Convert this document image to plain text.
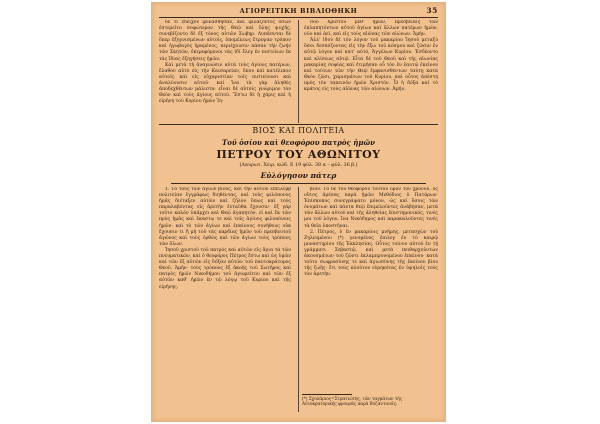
ΑΓΙΟΡΕΙΤΙΚΗ ΒΙΒΛΙΟΘΗΚΗ	35

δὲ τί ἐδείχνε φυλάσθησαν, καὶ φιλάζοντες ὅσων ἐστερεῖτο σοφώτερον τῆς Θεῷ καὶ ὅλης ψυχῆς, συνεβίζοντο δὲ ἐξ τόνος αὐτῶν Σωβηρ. Λυπᾶσνται δὲ ὅπερ ἐξηγνισμένων αὐτοῖς, ὁπομέλεως ἔτρεψαν τρόπον καὶ ἡγωβαγὸς ἡραμένος, περιέχουσιν πάσαν τὴν ζωήν τῶν Σκητῶν, ἐκτρεφόμενοι τὰς ἰδῖ ἔλεγ ἐν πιστεύων ἐκ τὰς ἴδιας ἐξηγήσεις ἡμῶν.

Καὶ μετὰ τὴ ἀναγνώσιν αὐτὰ τοὺς ἀγίους πατέρων, ἔλαθον αὐτὸ εἰς τὴν Καισαρείαν, ὅπου καὶ κατέλιπον αὐτοῖς καὶ εἰς εὐχαριστίαν τοῖς πιστεύουσι καὶ ἀναλύουσιν αὐτοῦ· καὶ ἴνα τὰ γὰρ ἀληθὲς ἀποδεχθέντων μάλιστα· εἶναι δὲ αὐτοῖς γνώριμον τὸν Θεὸν καὶ τοὺς ἁγίους αὐτοῦ. Ἔστω δὲ ἡ χάρις καὶ ἡ εἰρήνη τοῦ Κυρίου ἡμῶν Ἰη-

σοῦ Χριστοῦ μεθ' ἡμῶν, πρεσβείαις τῶν ἐπλαπητόντων αὐτοῦ ἁγίων καὶ ἄλλων πατέρων ἡμῶν, νῦν καὶ ἀεὶ, καὶ εἰς τοὺς αἰῶνας τῶν αἰώνων. Ἀμήν.

Ἀλλ' ἰδοὺ δὲ τὸν λόγον τοῦ μακαρίου Ἰησοῦ μεταξὺ ὅσοι δεσπόζοντας εἰς τὴν ἔξω τοῦ κόσμου καὶ ζῶσιν ἐν αὐτῷ λόγον καὶ κατ' αὐτό, Ἀγγέλων Κυρίου. Ἐσδέοντο καὶ κλίσεως αὐτῷ. Εἶτα δὲ τοῦ Θεοῦ καὶ τῆς αἰωνίας μακαρίας σοφίας καὶ ἐτιμήσαν οὗ τὸν ἐν ἑαυτῷ ἐκεῖνον καὶ τούτων τῶν τὴν Θεῷ ἐμφανισθέντων ταύτῃ κατὰ Θεὸν ζῶσι, χαρισμάτων τοῦ Κυρίου, καὶ οὗτος ἀπέστη πρὸς τὸν ταπεινὸν ἡμῶν Χριστόν. Ὧ ἡ δόξα καὶ τὸ κράτος εἰς τοὺς αἰῶνας τῶν αἰώνων. Ἀμήν.

ΒΙΟΣ ΚΑΙ ΠΟΛΙΤΕΙΑ
Τοῦ ὁσίου καὶ θεοφόρου πατρὸς ἡμῶν
ΠΕΤΡΟΥ ΤΟΥ ΑΘΩΝΙΤΟΥ
(Λαυρωτ. Χειρ. κώδ. Ε 19 φύλ. 38 α – φύλ. 36 β.)
Εὐλόγησον πάτερ

1. Τὸ τοῦς τῶν ἀγίων βίους, καὶ τὴν αὐτῶν ἐπειλεμβ πολιτείαν ἐγγράφως διηθέντας, καὶ τοὺς φιλόπονος ἡμᾶς διέταξεν αὐτῶν καὶ ζῆλον ὅπως καὶ τοὺς παραλαβόντας εἰς ἀρετὴν ἐνταῦθα ἔχουσιν· ἐξ γὰρ τοῦτο καλὸν ὑπάρχει καὶ Θεῷ ἀγαπητόν, εἰ καὶ ἔκ τῶν πρὸς ἡμᾶς καὶ ἑκαστῳ τε καὶ τοῖς ἀγίους φιλοπόνοις ἡμῶν· καὶ τὸ τῶν ἀγίων καὶ ἐπαίνους συνήθους οὐκ ἔχουσιν τι ἢ μὴ τοῦ τὰς καρδίας ἡμῶν τοῦ πρεσβευτοῦ ἀγῶνος καὶ τοὺς ὀρθῶς καὶ τῶν ἁγίων τοὺς τρόπους τῶν ὅλων.

Ἰησοῦ χριστοῦ τοῦ πατρὸς καὶ αὐτῶν εἰς ἅγια τὰ τῶν πνευματικῶν, καὶ ὁ θεοφόρος Πέτρος ἔστω καὶ ὡς ὑμῶν καὶ τῶν ἐξ αὐτῶν εἰς δόξαν αὐτῶν τοῦ παντοκράτορος Θεοῦ. Ἀμήν· τοὺς τρόπους ἐξ ἀκοῆς τοῦ Σωτῆρος καὶ πατρὸς ἡμῶν Νικοδήμου τοῦ ἁγιορείτου καὶ τῶν ἐξ αὐτῶν καθ' ἡμῶν ἐν τῷ λόγῳ τοῦ Κυρίου καὶ τῆς εἰρήνης.

βίον. Τὸ δὲ τοῦ θεοφόρου τοῦτον ὅρον τὸν χρόνον, ὅς οὕτος ἀρέσας παρὰ ἡμῶν Μεθόδιος ὁ Πατάρων· Ἐπίσκοπος συνεγράψατο μόνον, ὡς καὶ ὅσοις τῶν ὀνομάτων καὶ πάντα θεῷ ἐπιμελοῦντες ἀνάβησαν, μετὰ τῶν ἄλλων αὐτοῦ καὶ τῆς ἀληθείας ἐπιστημονικὸς, τινὲς μοι τοῦ λόγου, ἵνα Νικόδημος καὶ παρακαλοῦντες τινὲς τὰ θεῖα ὑποστῆναι.

2. Πέτρος, ὁ ἐν μακαρίοις μνήμης, μετασχὼν τοῦ Ζηλευμένου (*) γενομένος ἐπιλεγ ἐν τὸ καιρῷ μοναστηρίου τῆς Ἐκκλησίας. Οὗτος τοίνυν αὐτοῦ ἐν τῇ γράμματι Σεβαστῷ, καὶ μετὰ πειθαρχοῦντων ἀκουσμάτων τοῦ ζῶντι ἐκλαμπρυνομένου ἐπαίνου· κατὰ τοῦτο σωφροσύνης τε καὶ ἁγιωσύνης τῆς ἐκείνου βίου τῆς ζωῆς· ἔτι τοὺς πλοῦτον εὑρηκότας ἐν ὑψηλοῖς τοὺς τὸν ἀρετὴν.

(*) Σχολάριος=Στρατιώτης, τῶν ταγμάτων τῆς Αὐτοκρατορικῆς φρουρᾶς παρὰ Βυζαντινοῖς.
